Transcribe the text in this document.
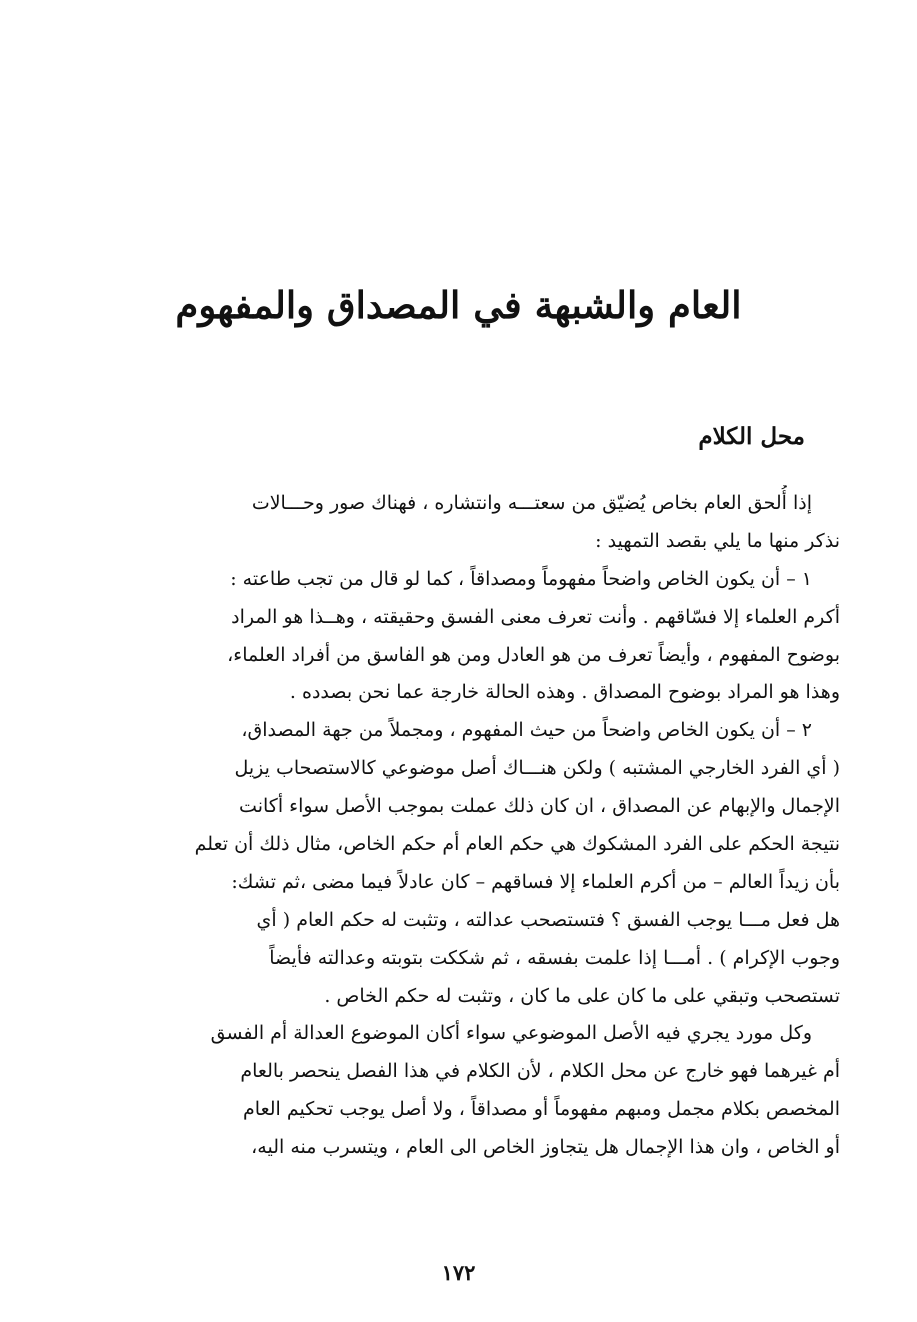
العام والشبهة في المصداق والمفهوم
محل الكلام
إذا أُلحق العام بخاص يُضيّق من سعتـــه وانتشاره ، فهناك صور وحـــالات
نذكر منها ما يلي بقصد التمهيد :
١ – أن يكون الخاص واضحاً مفهوماً ومصداقاً ، كما لو قال من تجب طاعته :
أكرم العلماء إلا فسّاقهم . وأنت تعرف معنى الفسق وحقيقته ، وهــذا هو المراد
بوضوح المفهوم ، وأيضاً تعرف من هو العادل ومن هو الفاسق من أفراد العلماء،
وهذا هو المراد بوضوح المصداق . وهذه الحالة خارجة عما نحن بصدده .
٢ – أن يكون الخاص واضحاً من حيث المفهوم ، ومجملاً من جهة المصداق،
( أي الفرد الخارجي المشتبه ) ولكن هنـــاك أصل موضوعي كالاستصحاب يزيل
الإجمال والإبهام عن المصداق ، ان كان ذلك عملت بموجب الأصل سواء أكانت
نتيجة الحكم على الفرد المشكوك هي حكم العام أم حكم الخاص، مثال ذلك أن تعلم
بأن زيداً العالم – من أكرم العلماء إلا فساقهم – كان عادلاً فيما مضى ،ثم تشك:
هل فعل مـــا يوجب الفسق ؟ فتستصحب عدالته ، وتثبت له حكم العام ( أي
وجوب الإكرام ) . أمـــا إذا علمت بفسقه ، ثم شككت بتوبته وعدالته فأيضاً
تستصحب وتبقي على ما كان على ما كان ، وتثبت له حكم الخاص .
وكل مورد يجري فيه الأصل الموضوعي سواء أكان الموضوع العدالة أم الفسق
أم غيرهما فهو خارج عن محل الكلام ، لأن الكلام في هذا الفصل ينحصر بالعام
المخصص بكلام مجمل ومبهم مفهوماً أو مصداقاً ، ولا أصل يوجب تحكيم العام
أو الخاص ، وان هذا الإجمال هل يتجاوز الخاص الى العام ، ويتسرب منه اليه،
١٧٢
